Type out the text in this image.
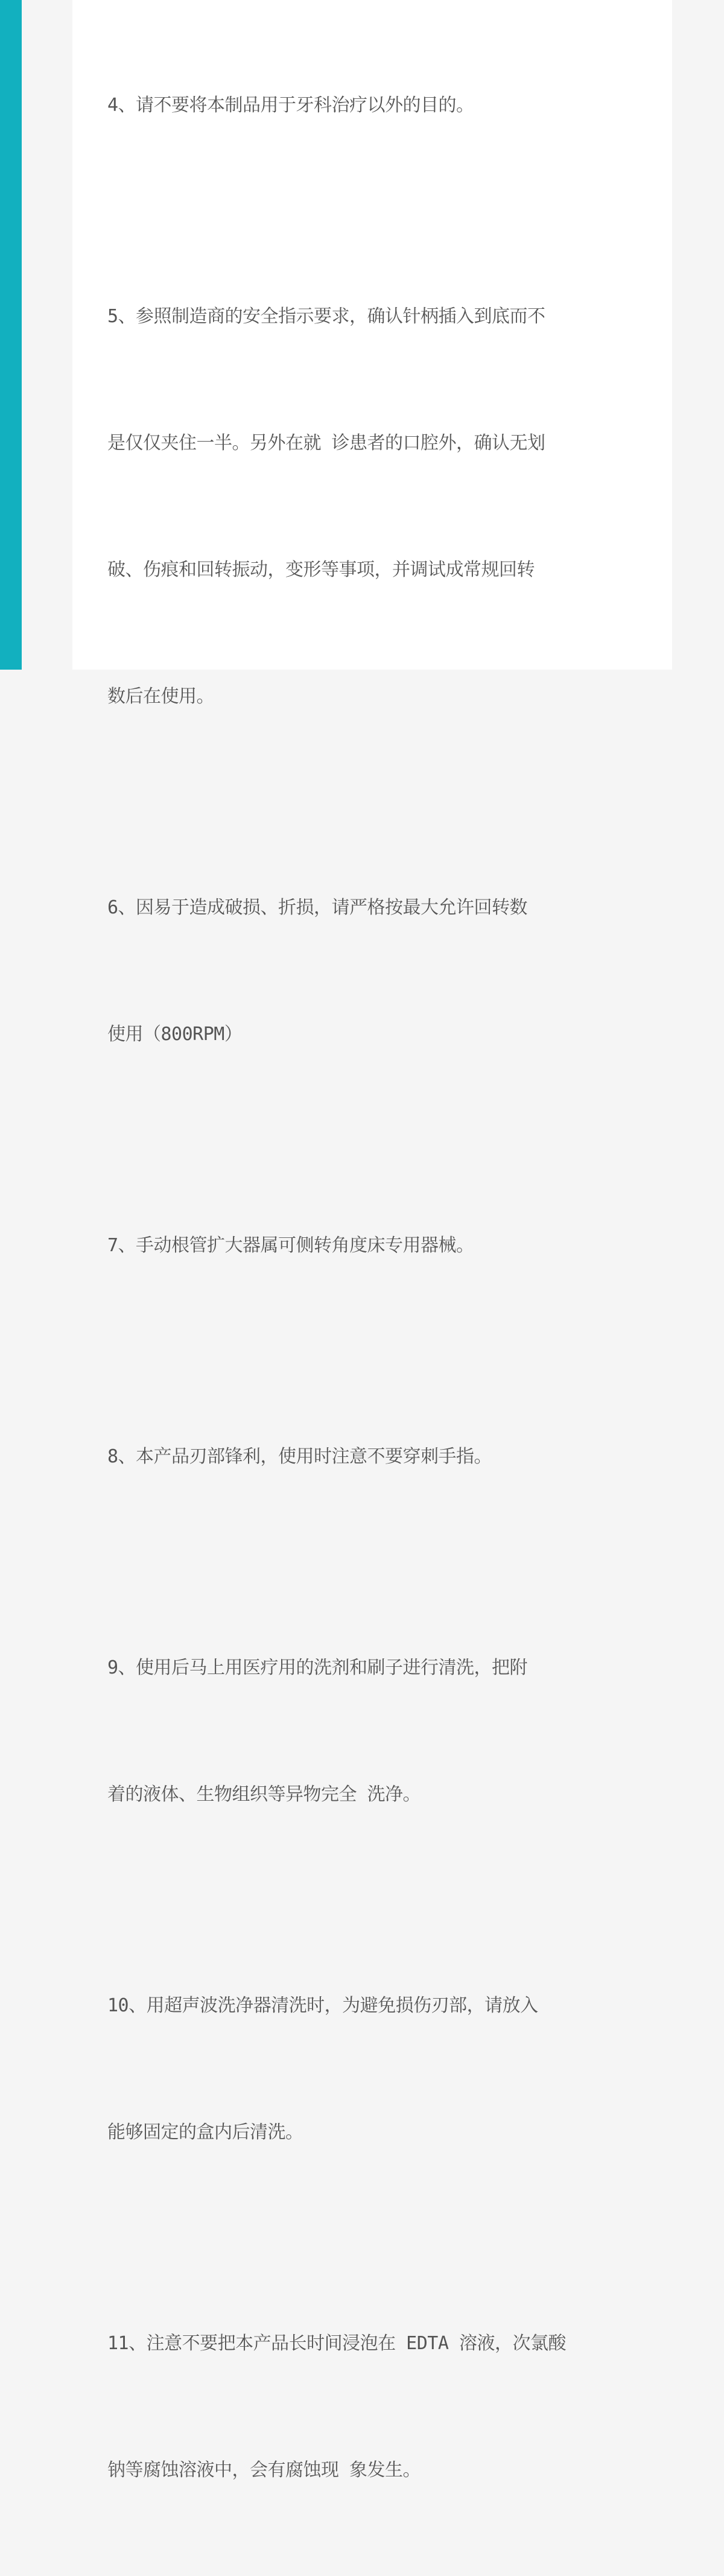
4、请不要将本制品用于牙科治疗以外的目的。

5、参照制造商的安全指示要求，确认针柄插入到底而不

是仅仅夹住一半。另外在就 诊患者的口腔外，确认无划

破、伤痕和回转振动，变形等事项，并调试成常规回转

数后在使用。

6、因易于造成破损、折损，请严格按最大允许回转数

使用（800RPM）

7、手动根管扩大器属可侧转角度床专用器械。

8、本产品刃部锋利，使用时注意不要穿刺手指。

9、使用后马上用医疗用的洗剂和刷子进行清洗，把附

着的液体、生物组织等异物完全 洗净。

10、用超声波洗净器清洗时，为避免损伤刃部，请放入

能够固定的盒内后清洗。

11、注意不要把本产品长时间浸泡在 EDTA 溶液，次氯酸

钠等腐蚀溶液中，会有腐蚀现 象发生。
